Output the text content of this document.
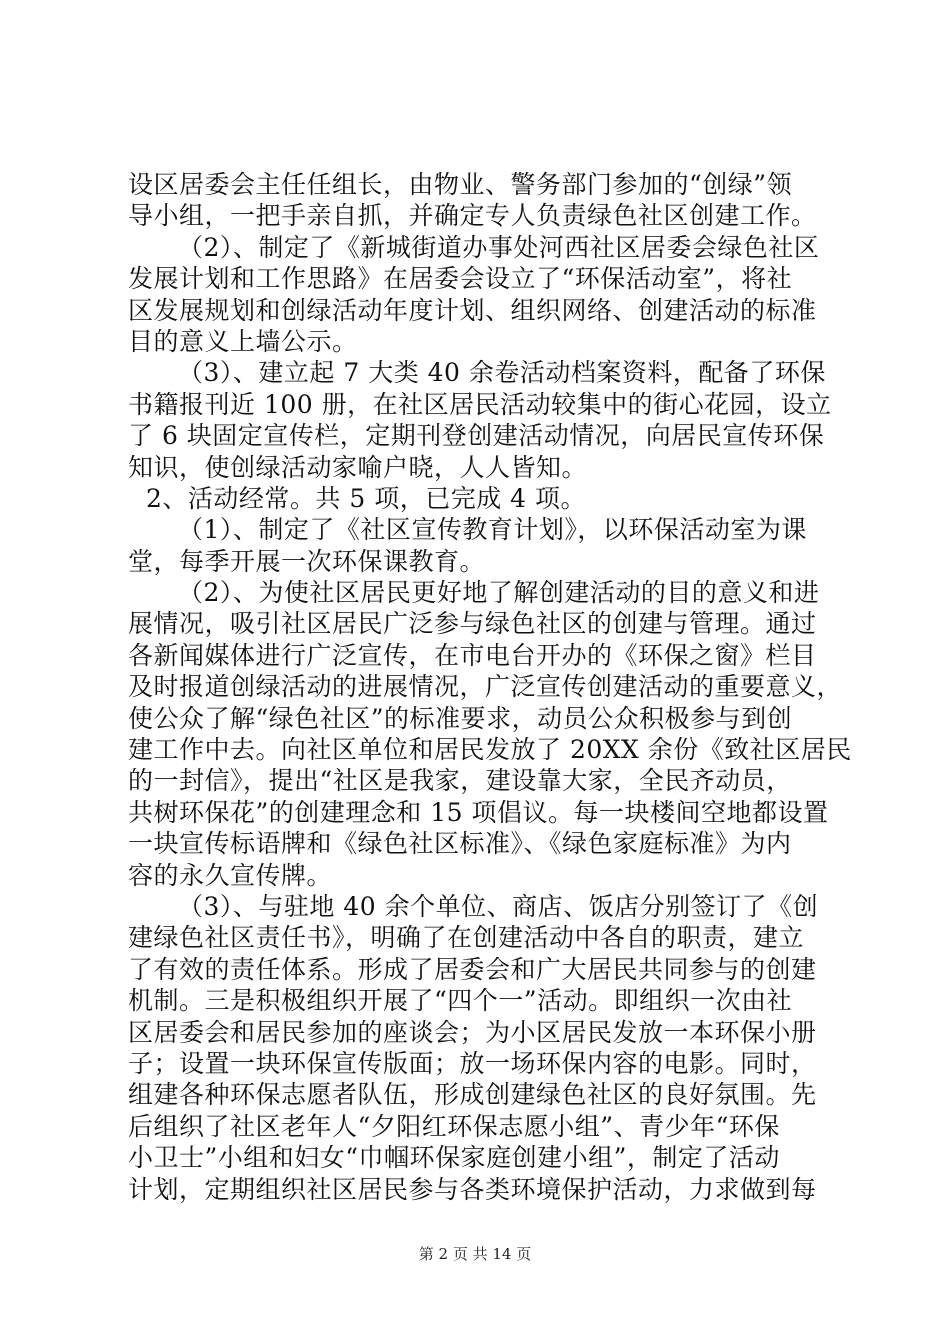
设区居委会主任任组长，由物业、警务部门参加的“创绿”领
导小组，一把手亲自抓，并确定专人负责绿色社区创建工作。
（2）、制定了《新城街道办事处河西社区居委会绿色社区
发展计划和工作思路》在居委会设立了“环保活动室”，将社
区发展规划和创绿活动年度计划、组织网络、创建活动的标准
目的意义上墙公示。
（3）、建立起 7 大类 40 余卷活动档案资料，配备了环保
书籍报刊近 100 册，在社区居民活动较集中的街心花园，设立
了 6 块固定宣传栏，定期刊登创建活动情况，向居民宣传环保
知识，使创绿活动家喻户晓，人人皆知。
2、活动经常。共 5 项，已完成 4 项。
（1）、制定了《社区宣传教育计划》，以环保活动室为课
堂，每季开展一次环保课教育。
（2）、为使社区居民更好地了解创建活动的目的意义和进
展情况，吸引社区居民广泛参与绿色社区的创建与管理。通过
各新闻媒体进行广泛宣传，在市电台开办的《环保之窗》栏目
及时报道创绿活动的进展情况，广泛宣传创建活动的重要意义，
使公众了解“绿色社区”的标准要求，动员公众积极参与到创
建工作中去。向社区单位和居民发放了 20XX 余份《致社区居民
的一封信》，提出“社区是我家，建设靠大家，全民齐动员，
共树环保花”的创建理念和 15 项倡议。每一块楼间空地都设置
一块宣传标语牌和《绿色社区标准》、《绿色家庭标准》为内
容的永久宣传牌。
（3）、与驻地 40 余个单位、商店、饭店分别签订了《创
建绿色社区责任书》，明确了在创建活动中各自的职责，建立
了有效的责任体系。形成了居委会和广大居民共同参与的创建
机制。三是积极组织开展了“四个一”活动。即组织一次由社
区居委会和居民参加的座谈会；为小区居民发放一本环保小册
子；设置一块环保宣传版面；放一场环保内容的电影。同时，
组建各种环保志愿者队伍，形成创建绿色社区的良好氛围。先
后组织了社区老年人“夕阳红环保志愿小组”、青少年“环保
小卫士”小组和妇女“巾帼环保家庭创建小组”，制定了活动
计划，定期组织社区居民参与各类环境保护活动，力求做到每
第 2 页 共 14 页
